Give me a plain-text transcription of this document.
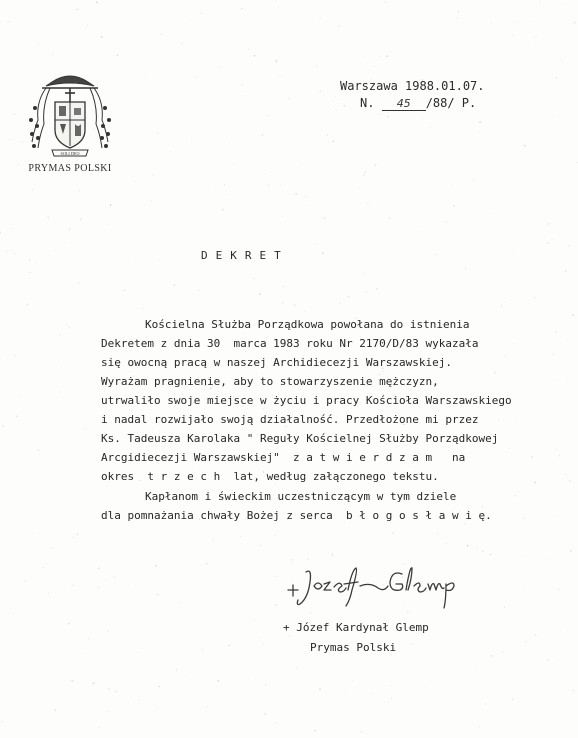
SOLI DEO
PRYMAS POLSKI
Warszawa 1988.01.07.
N. 45 /88/ P.
DEKRET
Kościelna Służba Porządkowa powołana do istnienia
Dekretem z dnia 30  marca 1983 roku Nr 2170/D/83 wykazała
się owocną pracą w naszej Archidiecezji Warszawskiej.
Wyrażam pragnienie, aby to stowarzyszenie mężczyzn,
utrwaliło swoje miejsce w życiu i pracy Kościoła Warszawskiego
i nadal rozwijało swoją działalność. Przedłożone mi przez
Ks. Tadeusza Karolaka " Reguły Kościelnej Służby Porządkowej
Arcgidiecezji Warszawskiej"  z a t w i e r d z a m   na
okres  t r z e c h  lat, według załączonego tekstu.
Kapłanom i świeckim uczestniczącym w tym dziele
dla pomnażania chwały Bożej z serca  b ł o g o s ł a w i ę.
+ Józef Kardynał Glemp
Prymas Polski
